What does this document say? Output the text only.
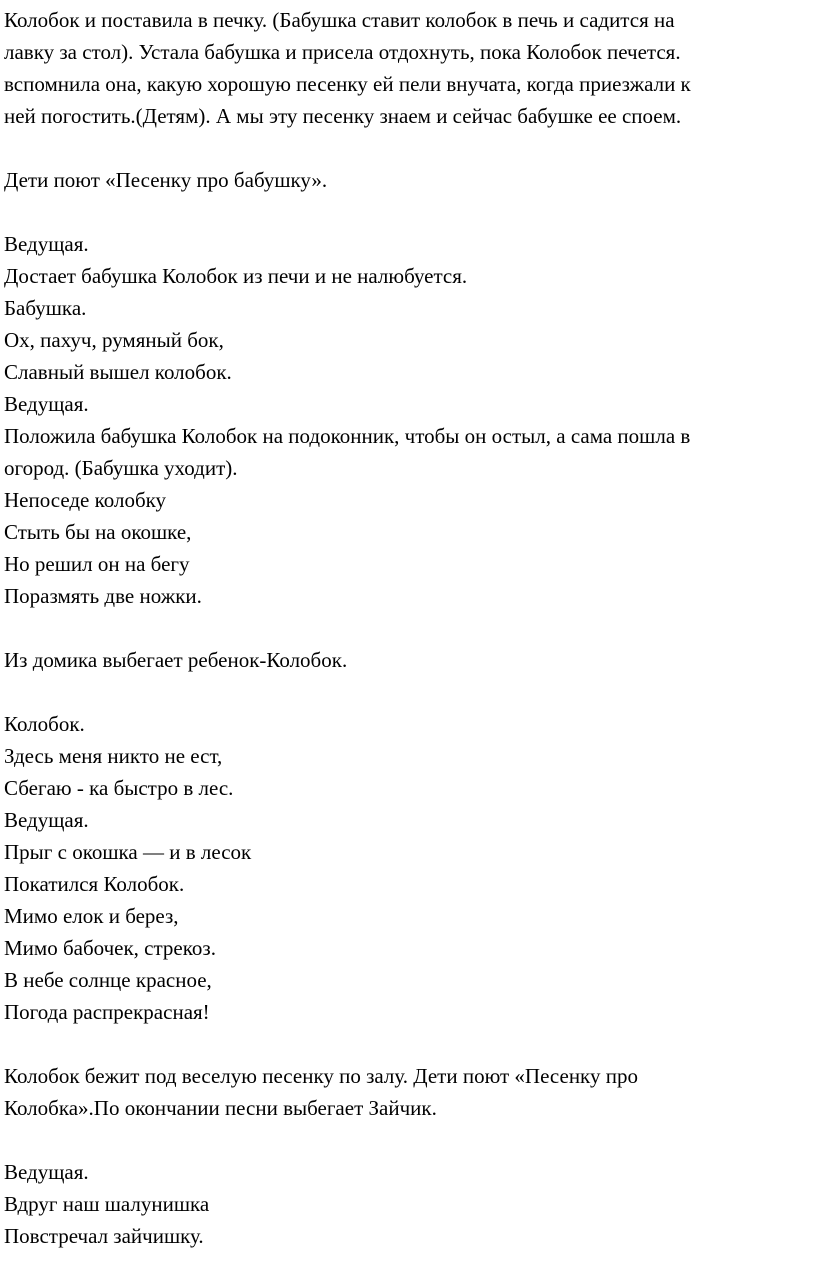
Колобок и поставила в печку. (Бабушка ставит колобок в печь и садится на
лавку за стол). Устала бабушка и присела отдохнуть, пока Колобок печется.
вспомнила она, какую хорошую песенку ей пели внучата, когда приезжали к
ней погостить.(Детям). А мы эту песенку знаем и сейчас бабушке ее споем.
Дети поют «Песенку про бабушку».
Ведущая.
Достает бабушка Колобок из печи и не налюбуется.
Бабушка.
Ох, пахуч, румяный бок,
Славный вышел колобок.
Ведущая.
Положила бабушка Колобок на подоконник, чтобы он остыл, а сама пошла в
огород. (Бабушка уходит).
Непоседе колобку
Стыть бы на окошке,
Но решил он на бегу
Поразмять две ножки.
Из домика выбегает ребенок-Колобок.
Колобок.
Здесь меня никто не ест,
Сбегаю - ка быстро в лес.
Ведущая.
Прыг с окошка — и в лесок
Покатился Колобок.
Мимо елок и берез,
Мимо бабочек, стрекоз.
В небе солнце красное,
Погода распрекрасная!
Колобок бежит под веселую песенку по залу. Дети поют «Песенку про
Колобка».По окончании песни выбегает Зайчик.
Ведущая.
Вдруг наш шалунишка
Повстречал зайчишку.
